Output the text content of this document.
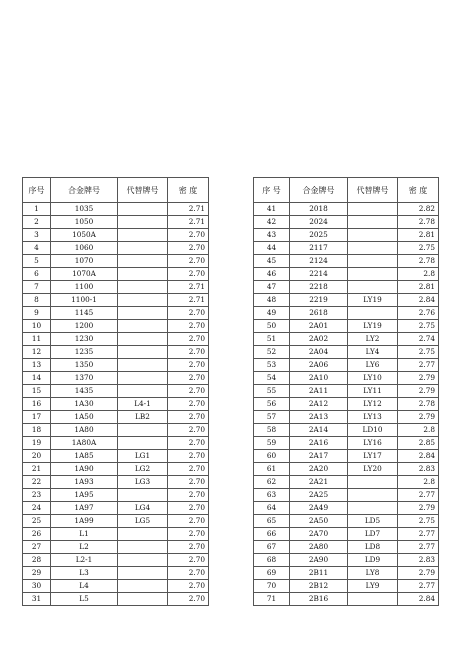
序号	合金牌号	代替牌号	密 度
1	1035		2.71
2	1050		2.71
3	1050A		2.70
4	1060		2.70
5	1070		2.70
6	1070A		2.70
7	1100		2.71
8	1100-1		2.71
9	1145		2.70
10	1200		2.70
11	1230		2.70
12	1235		2.70
13	1350		2.70
14	1370		2.70
15	1435		2.70
16	1A30	L4-1	2.70
17	1A50	LB2	2.70
18	1A80		2.70
19	1A80A		2.70
20	1A85	LG1	2.70
21	1A90	LG2	2.70
22	1A93	LG3	2.70
23	1A95		2.70
24	1A97	LG4	2.70
25	1A99	LG5	2.70
26	L1		2.70
27	L2		2.70
28	L2-1		2.70
29	L3		2.70
30	L4		2.70
31	L5		2.70
序 号	合金牌号	代替牌号	密 度
41	2018		2.82
42	2024		2.78
43	2025		2.81
44	2117		2.75
45	2124		2.78
46	2214		2.8
47	2218		2.81
48	2219	LY19	2.84
49	2618		2.76
50	2A01	LY19	2.75
51	2A02	LY2	2.74
52	2A04	LY4	2.75
53	2A06	LY6	2.77
54	2A10	LY10	2.79
55	2A11	LY11	2.79
56	2A12	LY12	2.78
57	2A13	LY13	2.79
58	2A14	LD10	2.8
59	2A16	LY16	2.85
60	2A17	LY17	2.84
61	2A20	LY20	2.83
62	2A21		2.8
63	2A25		2.77
64	2A49		2.79
65	2A50	LD5	2.75
66	2A70	LD7	2.77
67	2A80	LD8	2.77
68	2A90	LD9	2.83
69	2B11	LY8	2.79
70	2B12	LY9	2.77
71	2B16		2.84
